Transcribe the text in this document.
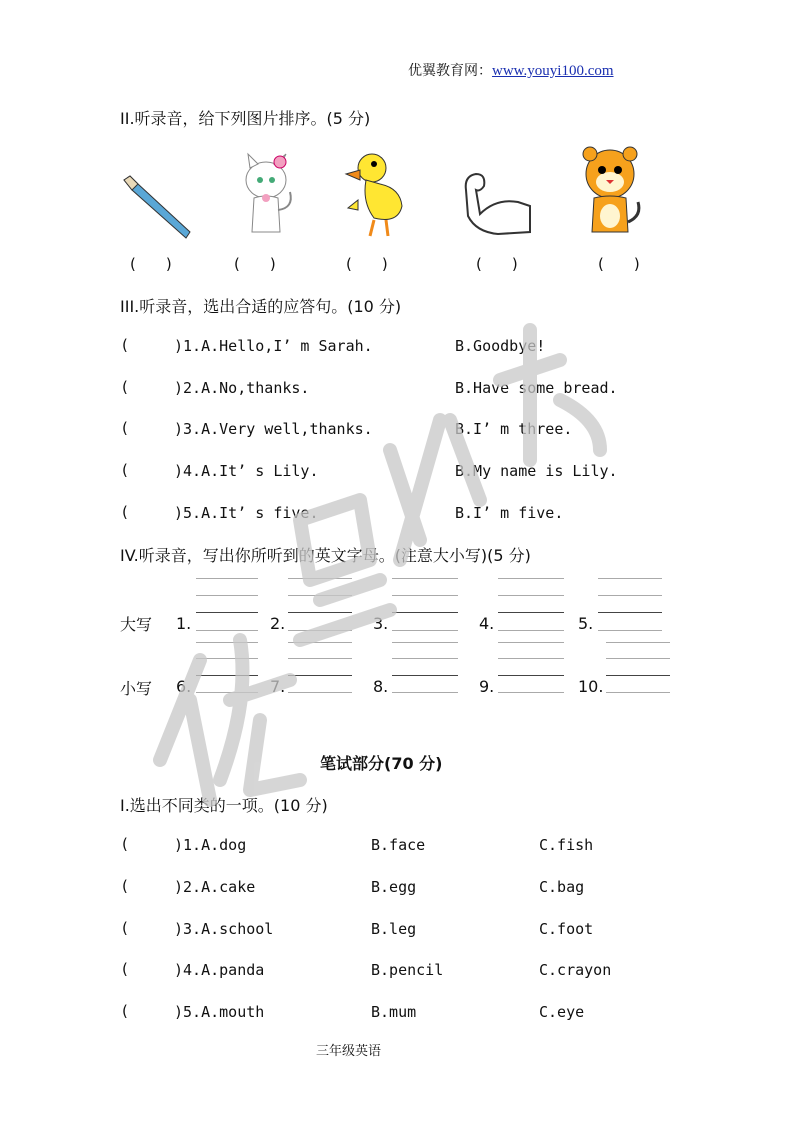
优翼教育网：www.youyi100.com
II.听录音，给下列图片排序。(5 分)
(　　)	(　　)	(　　)	(　　)	(　　)
III.听录音，选出合适的应答句。(10 分)
(	)1.A.Hello,I’ m Sarah.	B.Goodbye!
(	)2.A.No,thanks.	B.Have some bread.
(	)3.A.Very well,thanks.	B.I’ m three.
(	)4.A.It’ s Lily.	B.My name is Lily.
(	)5.A.It’ s five.	B.I’ m five.
IV.听录音，写出你所听到的英文字母。(注意大小写)(5 分)
大写 1.	2.	3.	4.	5.
小写 6.	7.	8.	9.	10.
笔试部分(70 分)
I.选出不同类的一项。(10 分)
(	)1.A.dog	B.face	C.fish
(	)2.A.cake	B.egg	C.bag
(	)3.A.school	B.leg	C.foot
(	)4.A.panda	B.pencil	C.crayon
(	)5.A.mouth	B.mum	C.eye
三年级英语
